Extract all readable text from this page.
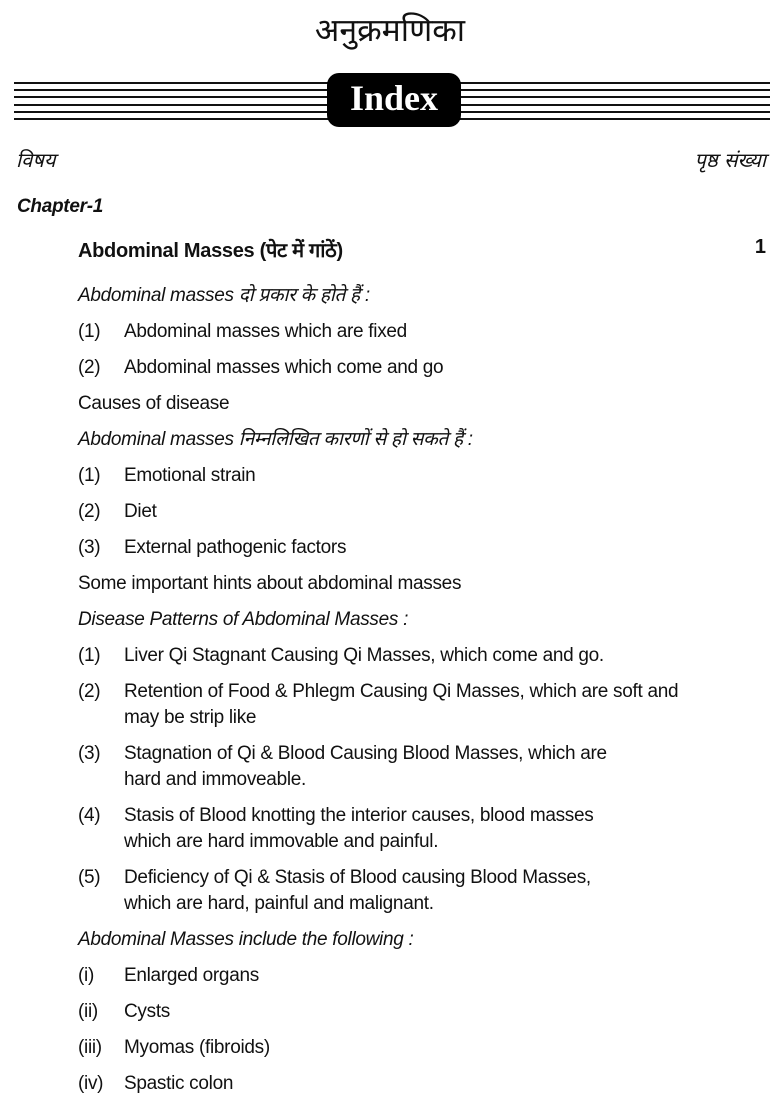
अनुक्रमणिका
Index
विषय	पृष्ठ संख्या
Chapter-1
Abdominal Masses (पेट में गांठें)	1
Abdominal masses दो प्रकार के होते हैं :
(1)	Abdominal masses which are fixed
(2)	Abdominal masses which come and go
Causes of disease
Abdominal masses निम्नलिखित कारणों से हो सकते हैं :
(1)	Emotional strain
(2)	Diet
(3)	External pathogenic factors
Some important hints about abdominal masses
Disease Patterns of Abdominal Masses :
(1)	Liver Qi Stagnant Causing Qi Masses, which come and go.
(2)	Retention of Food & Phlegm Causing Qi Masses, which are soft and may be strip like
(3)	Stagnation of Qi & Blood Causing Blood Masses, which are hard and immoveable.
(4)	Stasis of Blood knotting the interior causes, blood masses which are hard immovable and painful.
(5)	Deficiency of Qi & Stasis of Blood causing Blood Masses, which are hard, painful and malignant.
Abdominal Masses include the following :
(i)	Enlarged organs
(ii)	Cysts
(iii)	Myomas (fibroids)
(iv)	Spastic colon
